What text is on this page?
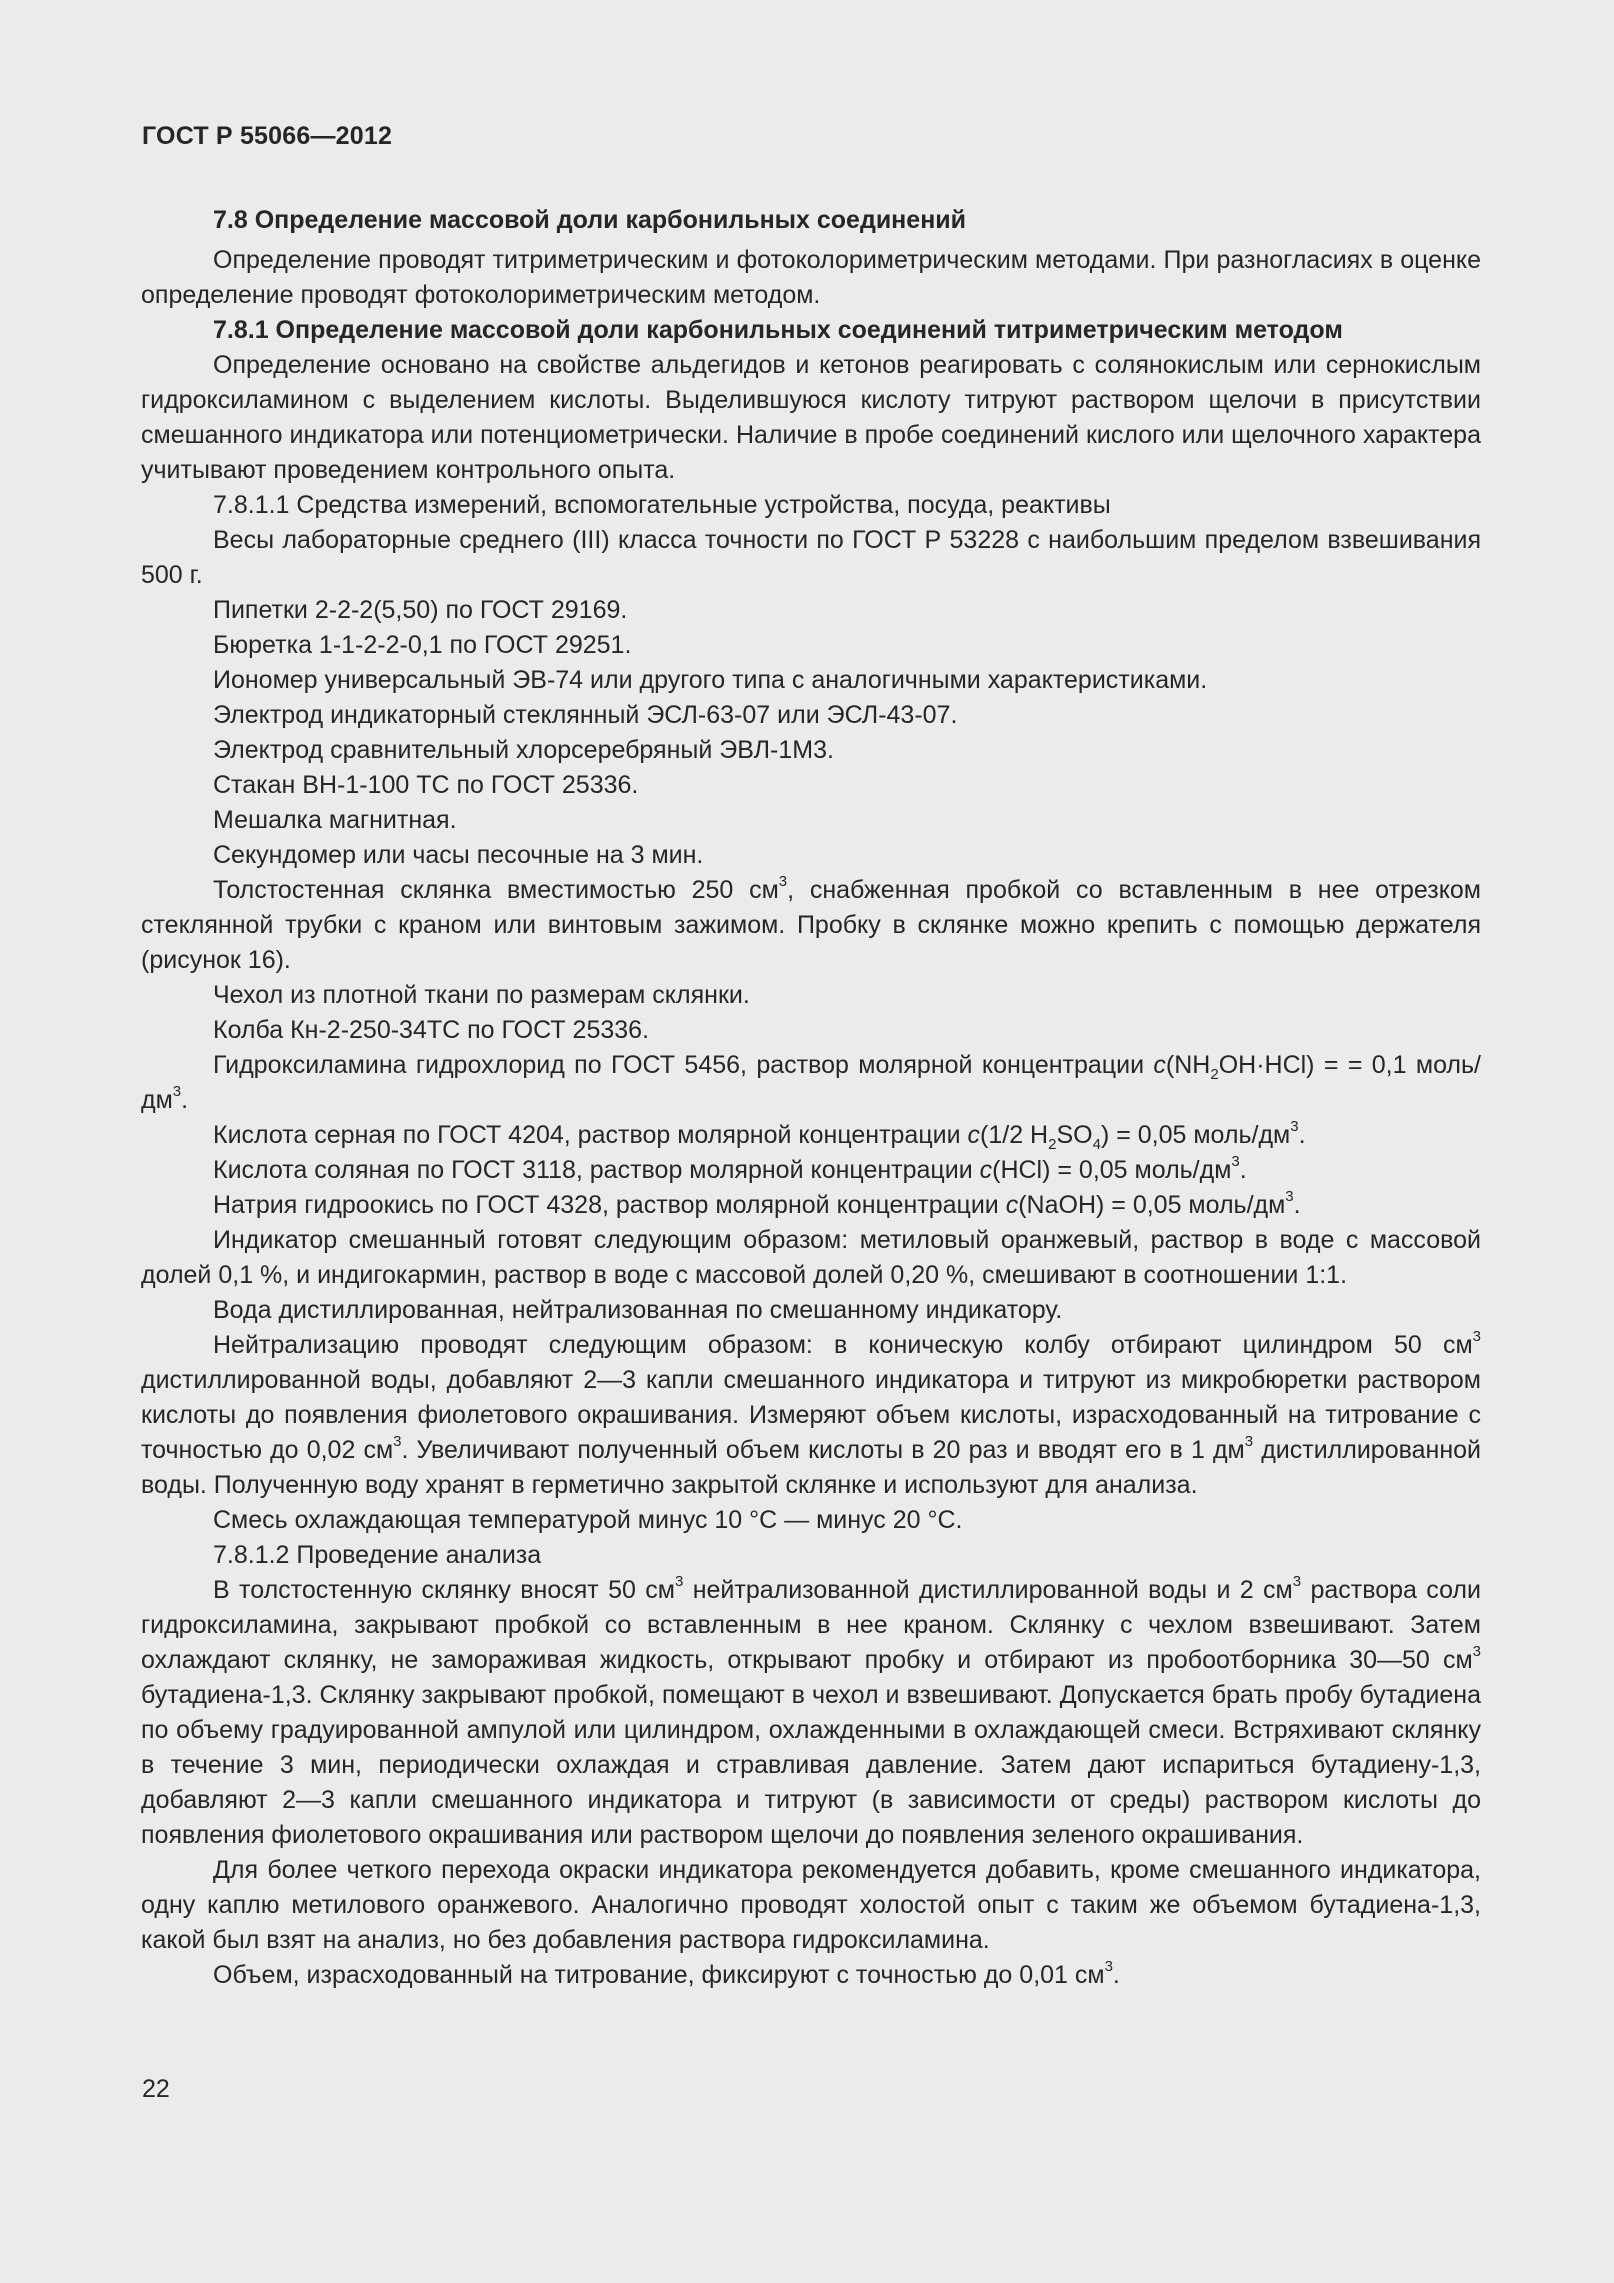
ГОСТ Р 55066—2012

7.8 Определение массовой доли карбонильных соединений

Определение проводят титриметрическим и фотоколориметрическим методами. При разногласиях в оценке определение проводят фотоколориметрическим методом.

7.8.1 Определение массовой доли карбонильных соединений титриметрическим методом

Определение основано на свойстве альдегидов и кетонов реагировать с солянокислым или сернокислым гидроксиламином с выделением кислоты. Выделившуюся кислоту титруют раствором щелочи в присутствии смешанного индикатора или потенциометрически. Наличие в пробе соединений кислого или щелочного характера учитывают проведением контрольного опыта.

7.8.1.1 Средства измерений, вспомогательные устройства, посуда, реактивы

Весы лабораторные среднего (III) класса точности по ГОСТ Р 53228 с наибольшим пределом взвешивания 500 г.

Пипетки 2-2-2(5,50) по ГОСТ 29169.

Бюретка 1-1-2-2-0,1 по ГОСТ 29251.

Иономер универсальный ЭВ-74 или другого типа с аналогичными характеристиками.

Электрод индикаторный стеклянный ЭСЛ-63-07 или ЭСЛ-43-07.

Электрод сравнительный хлорсеребряный ЭВЛ-1М3.

Стакан ВН-1-100 ТС по ГОСТ 25336.

Мешалка магнитная.

Секундомер или часы песочные на 3 мин.

Толстостенная склянка вместимостью 250 $см^3$, снабженная пробкой со вставленным в нее отрезком стеклянной трубки с краном или винтовым зажимом. Пробку в склянке можно крепить с помощью держателя (рисунок 16).

Чехол из плотной ткани по размерам склянки.

Колба Кн-2-250-34ТС по ГОСТ 25336.

Гидроксиламина гидрохлорид по ГОСТ 5456, раствор молярной концентрации $c(NH_2OH\cdot HCl)$ = = 0,1 моль/$дм^3$.

Кислота серная по ГОСТ 4204, раствор молярной концентрации c(1/2 $H_2SO_4) = 0,05$ моль/$дм^3$.

Кислота соляная по ГОСТ 3118, раствор молярной концентрации c(HCl) = 0,05 моль/$дм^3$.

Натрия гидроокись по ГОСТ 4328, раствор молярной концентрации c(NaOH) = 0,05 моль/$дм^3$.

Индикатор смешанный готовят следующим образом: метиловый оранжевый, раствор в воде с массовой долей 0,1 %, и индигокармин, раствор в воде с массовой долей 0,20 %, смешивают в соотношении 1:1.

Вода дистиллированная, нейтрализованная по смешанному индикатору.

Нейтрализацию проводят следующим образом: в коническую колбу отбирают цилиндром 50 $см^3$ дистиллированной воды, добавляют 2—3 капли смешанного индикатора и титруют из микробюретки раствором кислоты до появления фиолетового окрашивания. Измеряют объем кислоты, израсходованный на титрование с точностью до 0,02 $см^3$. Увеличивают полученный объем кислоты в 20 раз и вводят его в 1 $дм^3$ дистиллированной воды. Полученную воду хранят в герметично закрытой склянке и используют для анализа.

Смесь охлаждающая температурой минус 10 °С — минус 20 °С.

7.8.1.2 Проведение анализа

В толстостенную склянку вносят 50 $см^3$ нейтрализованной дистиллированной воды и 2 $см^3$ раствора соли гидроксиламина, закрывают пробкой со вставленным в нее краном. Склянку с чехлом взвешивают. Затем охлаждают склянку, не замораживая жидкость, открывают пробку и отбирают из пробоотборника 30—50 $см^3$ бутадиена-1,3. Склянку закрывают пробкой, помещают в чехол и взвешивают. Допускается брать пробу бутадиена по объему градуированной ампулой или цилиндром, охлажденными в охлаждающей смеси. Встряхивают склянку в течение 3 мин, периодически охлаждая и стравливая давление. Затем дают испариться бутадиену-1,3, добавляют 2—3 капли смешанного индикатора и титруют (в зависимости от среды) раствором кислоты до появления фиолетового окрашивания или раствором щелочи до появления зеленого окрашивания.

Для более четкого перехода окраски индикатора рекомендуется добавить, кроме смешанного индикатора, одну каплю метилового оранжевого. Аналогично проводят холостой опыт с таким же объемом бутадиена-1,3, какой был взят на анализ, но без добавления раствора гидроксиламина.

Объем, израсходованный на титрование, фиксируют с точностью до 0,01 $см^3$.

22
